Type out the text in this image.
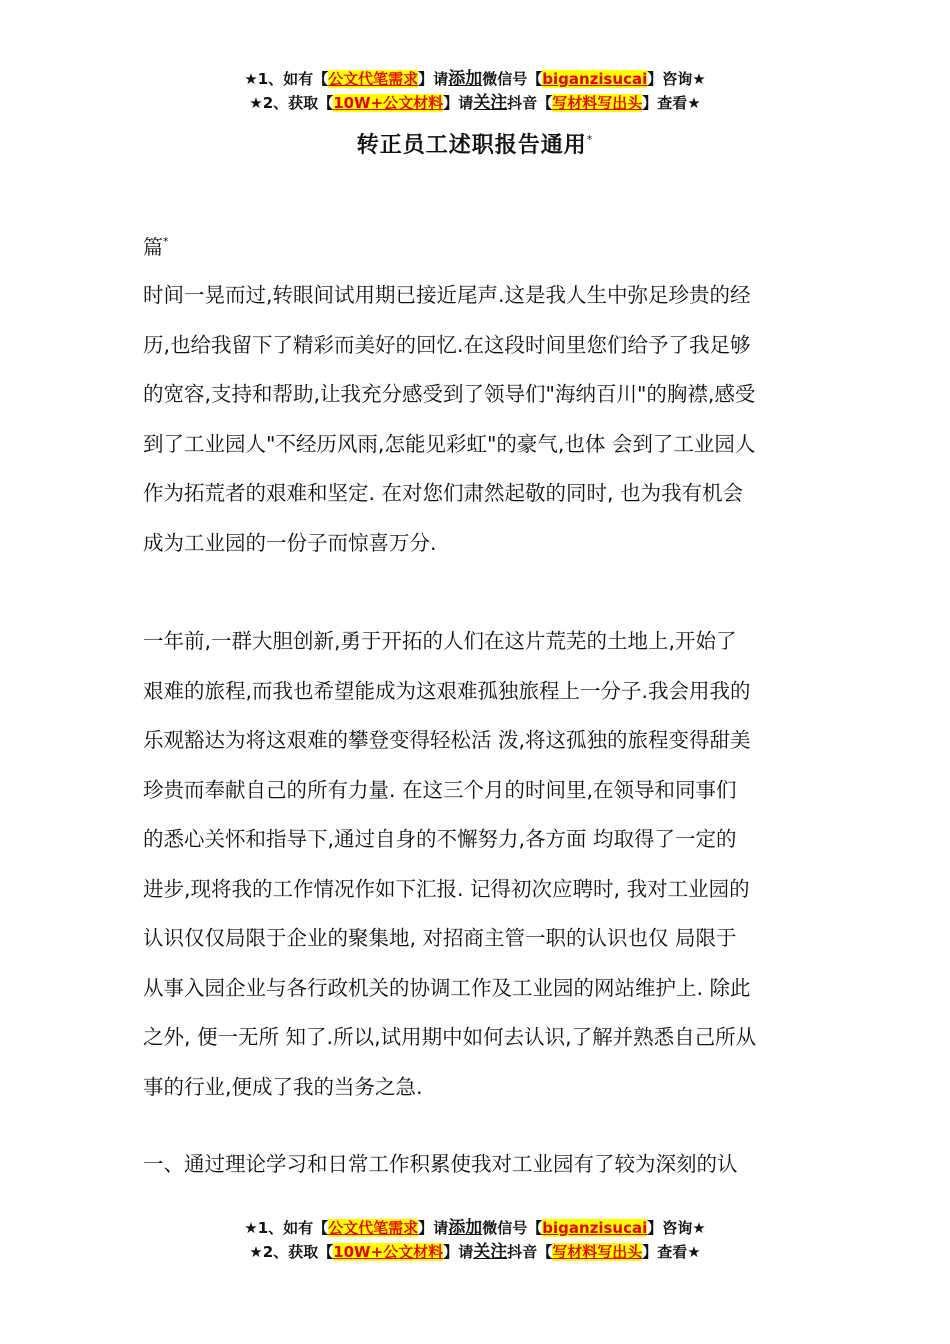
★1、如有【公文代笔需求】请添加微信号【biganzisucai】咨询★
★2、获取【10W+公文材料】请关注抖音【写材料写出头】查看★
转正员工述职报告通用*
篇*
时间一晃而过,转眼间试用期已接近尾声.这是我人生中弥足珍贵的经
历,也给我留下了精彩而美好的回忆.在这段时间里您们给予了我足够
的宽容,支持和帮助,让我充分感受到了领导们"海纳百川"的胸襟,感受
到了工业园人"不经历风雨,怎能见彩虹"的豪气,也体 会到了工业园人
作为拓荒者的艰难和坚定. 在对您们肃然起敬的同时, 也为我有机会
成为工业园的一份子而惊喜万分.
一年前,一群大胆创新,勇于开拓的人们在这片荒芜的土地上,开始了
艰难的旅程,而我也希望能成为这艰难孤独旅程上一分子.我会用我的
乐观豁达为将这艰难的攀登变得轻松活 泼,将这孤独的旅程变得甜美
珍贵而奉献自己的所有力量. 在这三个月的时间里,在领导和同事们
的悉心关怀和指导下,通过自身的不懈努力,各方面 均取得了一定的
进步,现将我的工作情况作如下汇报. 记得初次应聘时, 我对工业园的
认识仅仅局限于企业的聚集地, 对招商主管一职的认识也仅 局限于
从事入园企业与各行政机关的协调工作及工业园的网站维护上. 除此
之外, 便一无所 知了.所以,试用期中如何去认识,了解并熟悉自己所从
事的行业,便成了我的当务之急.
一、通过理论学习和日常工作积累使我对工业园有了较为深刻的认
★1、如有【公文代笔需求】请添加微信号【biganzisucai】咨询★
★2、获取【10W+公文材料】请关注抖音【写材料写出头】查看★
